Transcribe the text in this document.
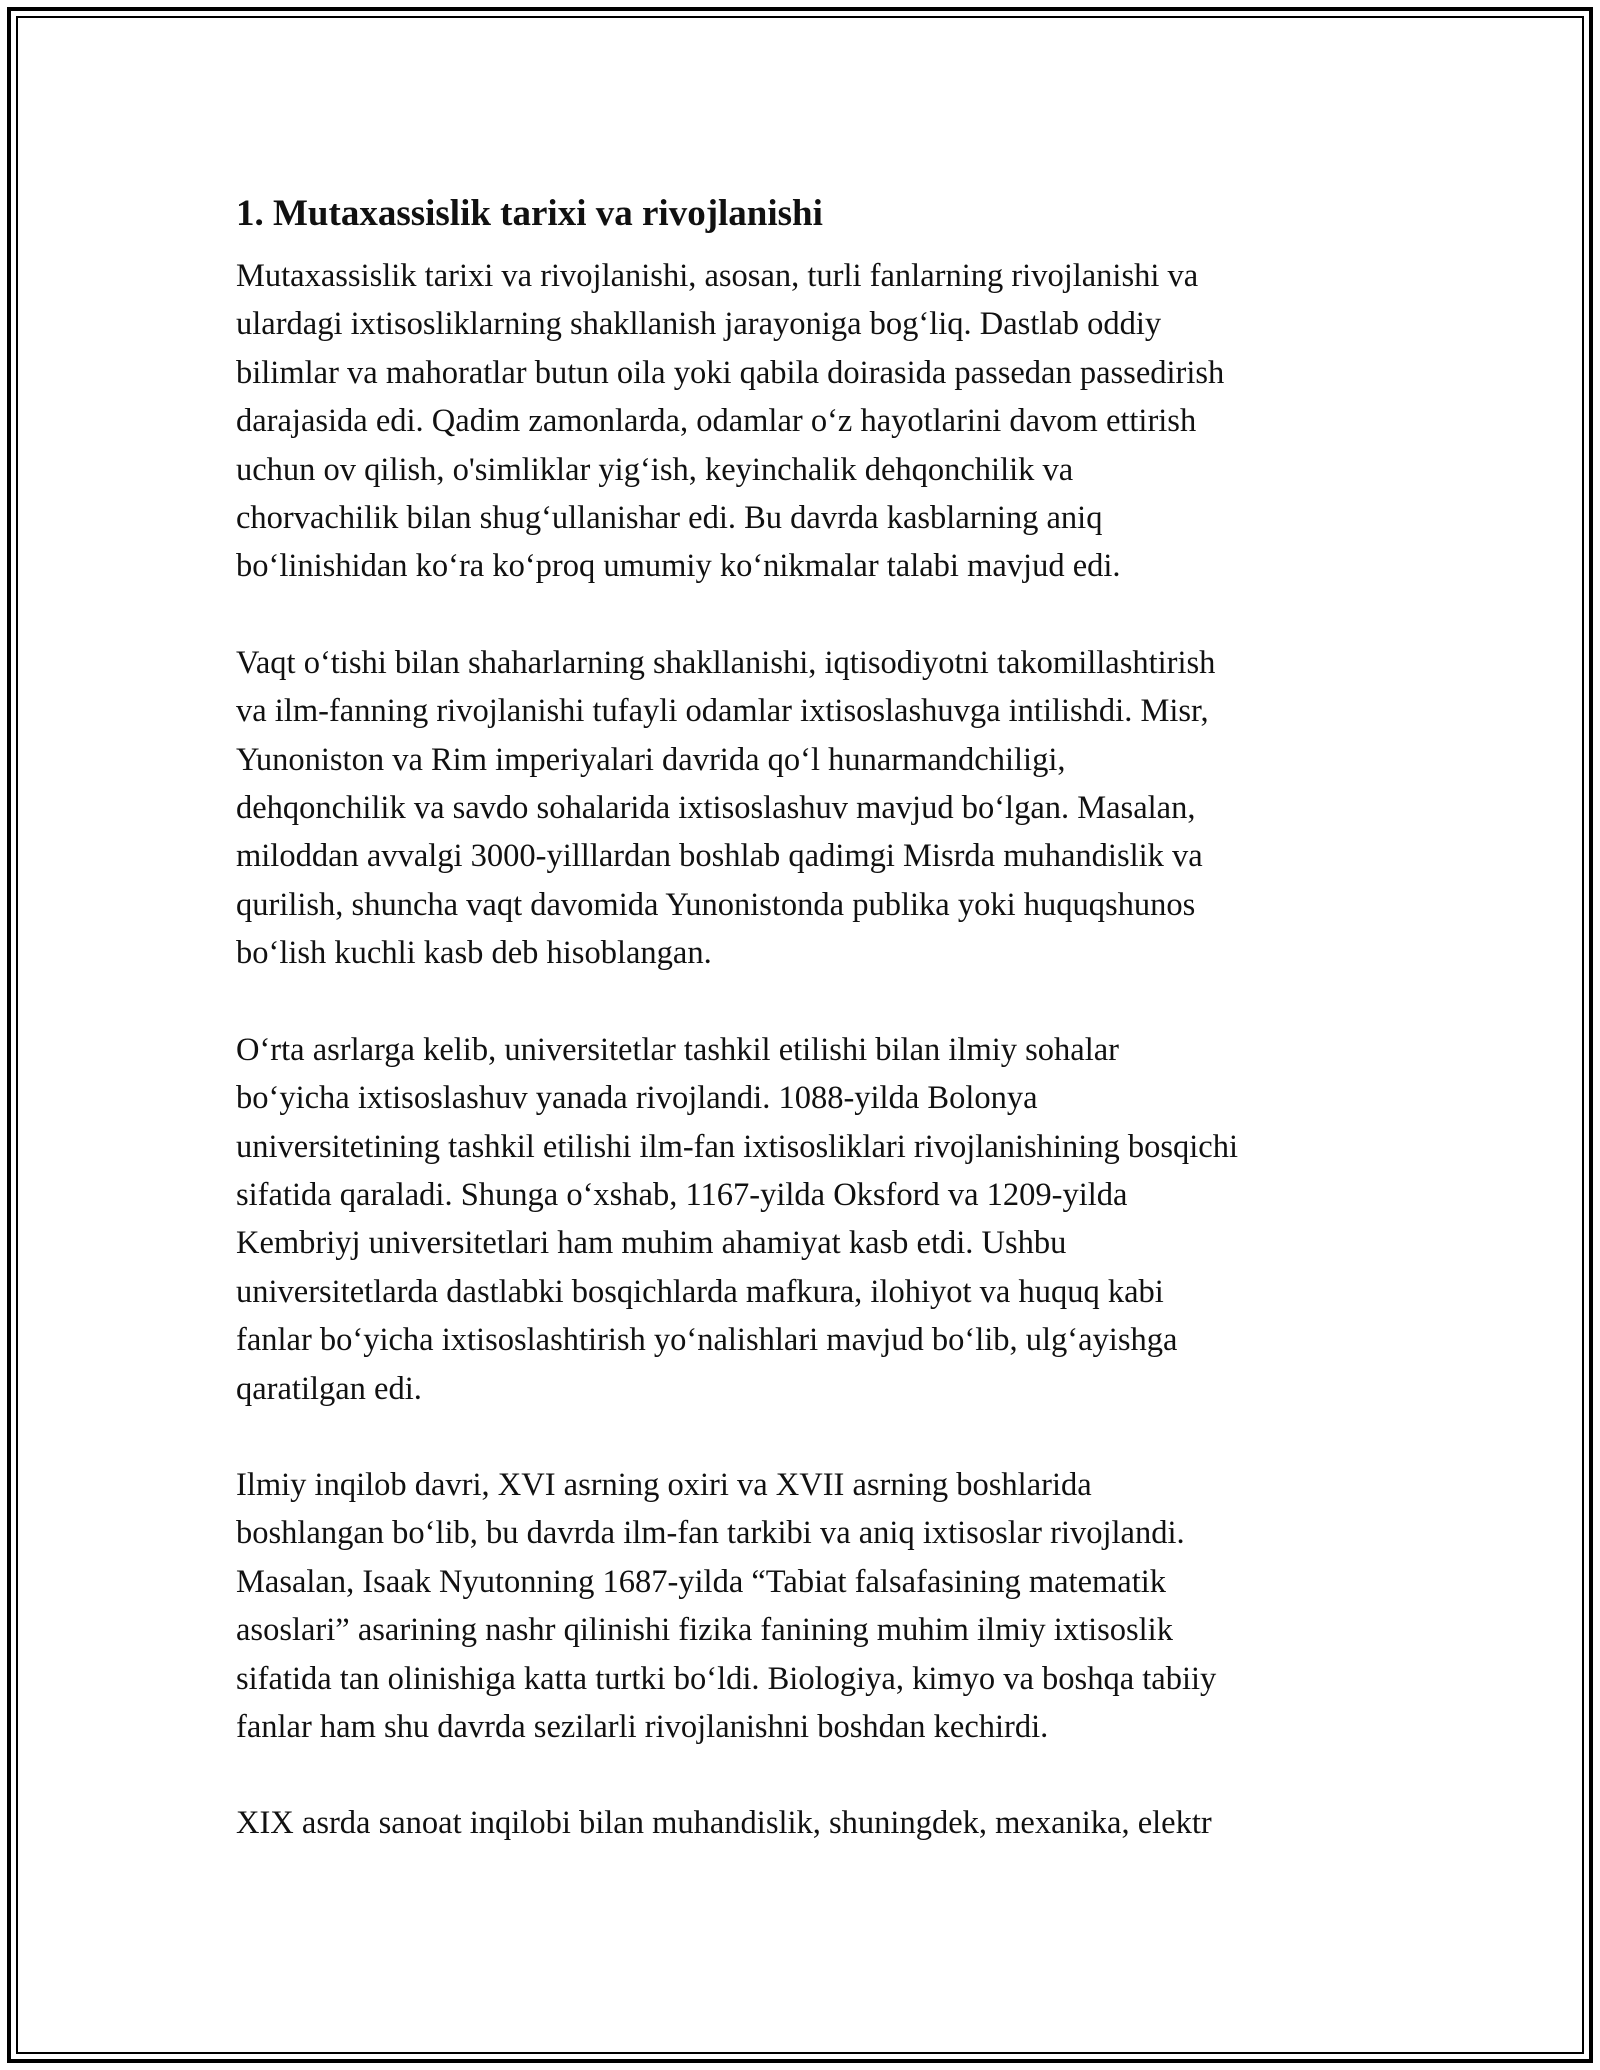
1. Mutaxassislik tarixi va rivojlanishi
Mutaxassislik tarixi va rivojlanishi, asosan, turli fanlarning rivojlanishi va
ulardagi ixtisosliklarning shakllanish jarayoniga bog‘liq. Dastlab oddiy
bilimlar va mahoratlar butun oila yoki qabila doirasida passedan passedirish
darajasida edi. Qadim zamonlarda, odamlar o‘z hayotlarini davom ettirish
uchun ov qilish, o'simliklar yig‘ish, keyinchalik dehqonchilik va
chorvachilik bilan shug‘ullanishar edi. Bu davrda kasblarning aniq
bo‘linishidan ko‘ra ko‘proq umumiy ko‘nikmalar talabi mavjud edi.
Vaqt o‘tishi bilan shaharlarning shakllanishi, iqtisodiyotni takomillashtirish
va ilm-fanning rivojlanishi tufayli odamlar ixtisoslashuvga intilishdi. Misr,
Yunoniston va Rim imperiyalari davrida qo‘l hunarmandchiligi,
dehqonchilik va savdo sohalarida ixtisoslashuv mavjud bo‘lgan. Masalan,
miloddan avvalgi 3000-yilllardan boshlab qadimgi Misrda muhandislik va
qurilish, shuncha vaqt davomida Yunonistonda publika yoki huquqshunos
bo‘lish kuchli kasb deb hisoblangan.
O‘rta asrlarga kelib, universitetlar tashkil etilishi bilan ilmiy sohalar
bo‘yicha ixtisoslashuv yanada rivojlandi. 1088-yilda Bolonya
universitetining tashkil etilishi ilm-fan ixtisosliklari rivojlanishining bosqichi
sifatida qaraladi. Shunga o‘xshab, 1167-yilda Oksford va 1209-yilda
Kembriyj universitetlari ham muhim ahamiyat kasb etdi. Ushbu
universitetlarda dastlabki bosqichlarda mafkura, ilohiyot va huquq kabi
fanlar bo‘yicha ixtisoslashtirish yo‘nalishlari mavjud bo‘lib, ulg‘ayishga
qaratilgan edi.
Ilmiy inqilob davri, XVI asrning oxiri va XVII asrning boshlarida
boshlangan bo‘lib, bu davrda ilm-fan tarkibi va aniq ixtisoslar rivojlandi.
Masalan, Isaak Nyutonning 1687-yilda “Tabiat falsafasining matematik
asoslari” asarining nashr qilinishi fizika fanining muhim ilmiy ixtisoslik
sifatida tan olinishiga katta turtki bo‘ldi. Biologiya, kimyo va boshqa tabiiy
fanlar ham shu davrda sezilarli rivojlanishni boshdan kechirdi.
XIX asrda sanoat inqilobi bilan muhandislik, shuningdek, mexanika, elektr
